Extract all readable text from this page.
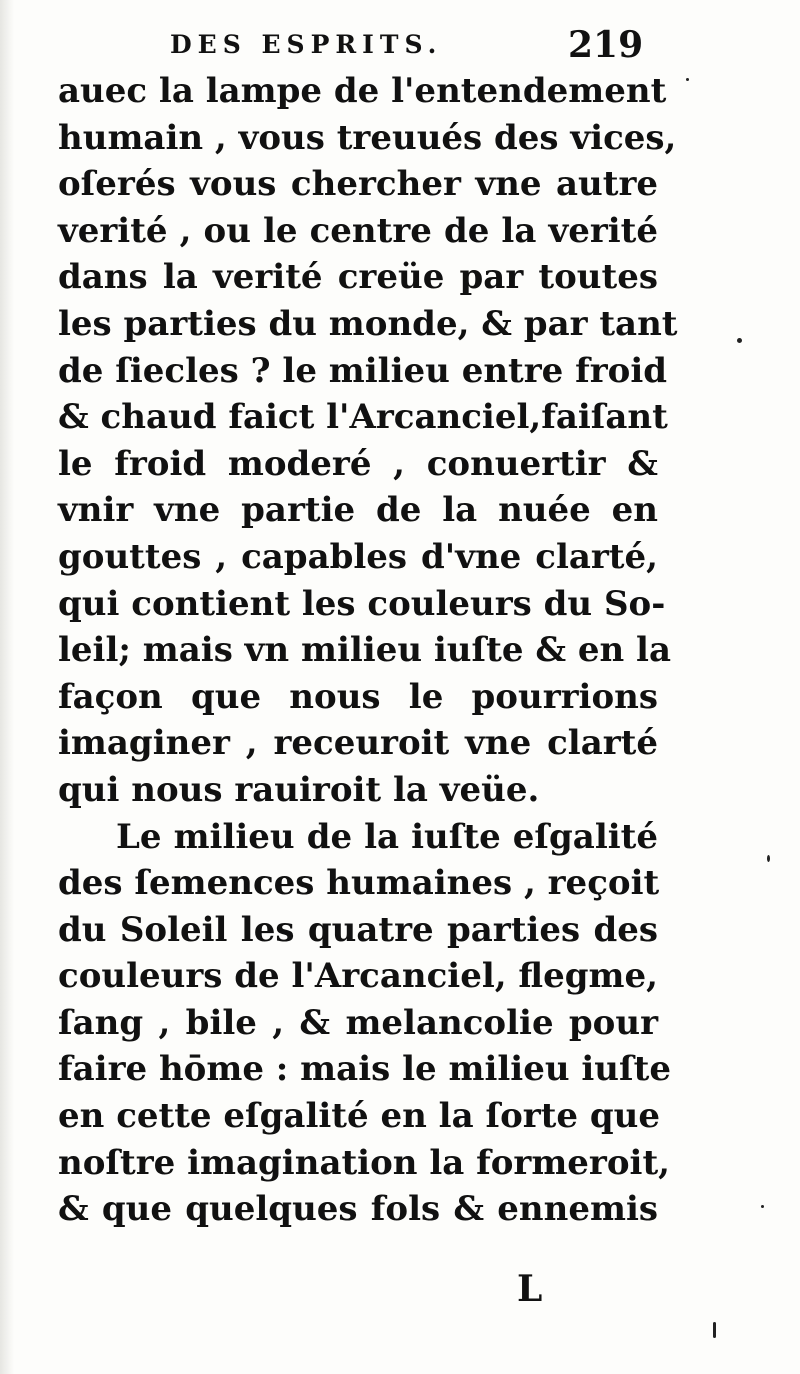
DES ESPRITS.	219
auec la lampe de l'entendement
humain , vous treuués des vices,
oſerés vous chercher vne autre
verité , ou le centre de la verité
dans la verité creüe par toutes
les parties du monde, & par tant
de ſiecles ? le milieu entre froid
& chaud faict l'Arcanciel,faiſant
le froid moderé , conuertir &
vnir vne partie de la nuée en
gouttes , capables d'vne clarté,
qui contient les couleurs du So-
leil; mais vn milieu iuſte & en la
façon que nous le pourrions
imaginer , receuroit vne clarté
qui nous rauiroit la veüe.
Le milieu de la iuſte eſgalité
des ſemences humaines , reçoit
du Soleil les quatre parties des
couleurs de l'Arcanciel, flegme,
ſang , bile , & melancolie pour
faire hōme : mais le milieu iuſte
en cette eſgalité en la ſorte que
noſtre imagination la formeroit,
& que quelques fols & ennemis
L
